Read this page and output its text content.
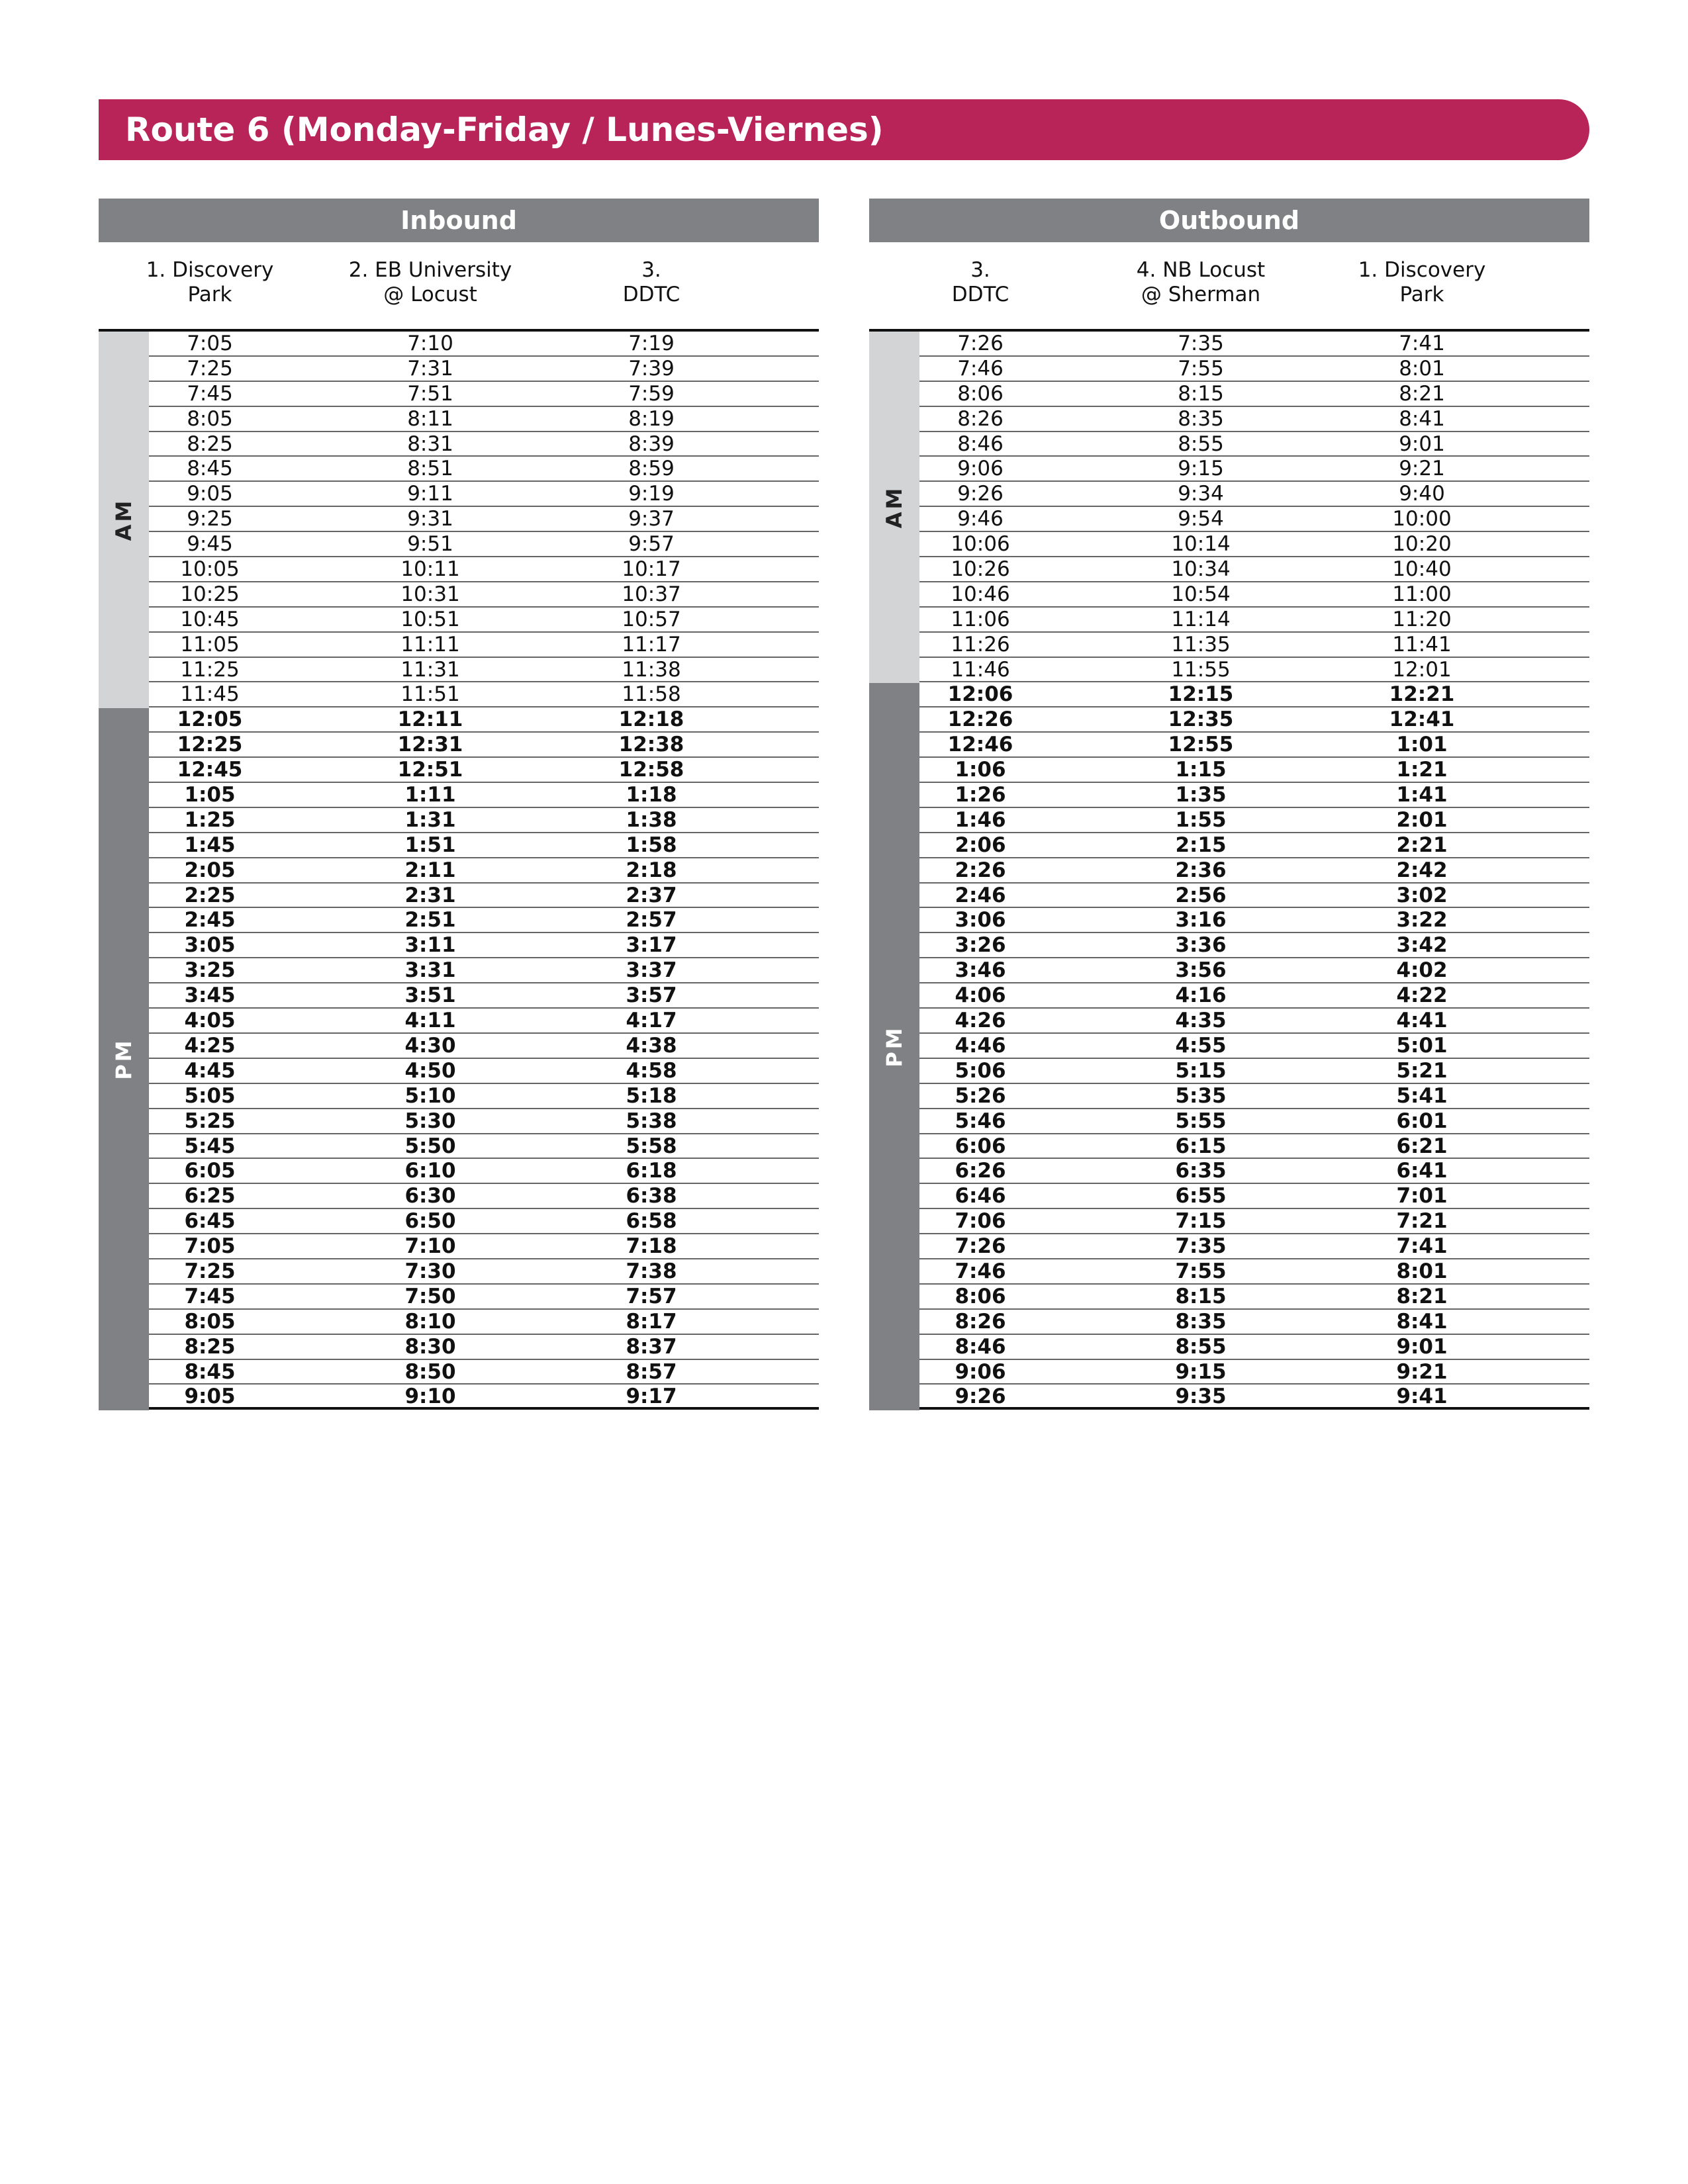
Route 6 (Monday-Friday / Lunes-Viernes)
Inbound
1. Discovery
Park
2. EB University
@ Locust
3.
DDTC
AM
PM
7:05	7:10	7:19
7:25	7:31	7:39
7:45	7:51	7:59
8:05	8:11	8:19
8:25	8:31	8:39
8:45	8:51	8:59
9:05	9:11	9:19
9:25	9:31	9:37
9:45	9:51	9:57
10:05	10:11	10:17
10:25	10:31	10:37
10:45	10:51	10:57
11:05	11:11	11:17
11:25	11:31	11:38
11:45	11:51	11:58
12:05	12:11	12:18
12:25	12:31	12:38
12:45	12:51	12:58
1:05	1:11	1:18
1:25	1:31	1:38
1:45	1:51	1:58
2:05	2:11	2:18
2:25	2:31	2:37
2:45	2:51	2:57
3:05	3:11	3:17
3:25	3:31	3:37
3:45	3:51	3:57
4:05	4:11	4:17
4:25	4:30	4:38
4:45	4:50	4:58
5:05	5:10	5:18
5:25	5:30	5:38
5:45	5:50	5:58
6:05	6:10	6:18
6:25	6:30	6:38
6:45	6:50	6:58
7:05	7:10	7:18
7:25	7:30	7:38
7:45	7:50	7:57
8:05	8:10	8:17
8:25	8:30	8:37
8:45	8:50	8:57
9:05	9:10	9:17
Outbound
3.
DDTC
4. NB Locust
@ Sherman
1. Discovery
Park
AM
PM
7:26	7:35	7:41
7:46	7:55	8:01
8:06	8:15	8:21
8:26	8:35	8:41
8:46	8:55	9:01
9:06	9:15	9:21
9:26	9:34	9:40
9:46	9:54	10:00
10:06	10:14	10:20
10:26	10:34	10:40
10:46	10:54	11:00
11:06	11:14	11:20
11:26	11:35	11:41
11:46	11:55	12:01
12:06	12:15	12:21
12:26	12:35	12:41
12:46	12:55	1:01
1:06	1:15	1:21
1:26	1:35	1:41
1:46	1:55	2:01
2:06	2:15	2:21
2:26	2:36	2:42
2:46	2:56	3:02
3:06	3:16	3:22
3:26	3:36	3:42
3:46	3:56	4:02
4:06	4:16	4:22
4:26	4:35	4:41
4:46	4:55	5:01
5:06	5:15	5:21
5:26	5:35	5:41
5:46	5:55	6:01
6:06	6:15	6:21
6:26	6:35	6:41
6:46	6:55	7:01
7:06	7:15	7:21
7:26	7:35	7:41
7:46	7:55	8:01
8:06	8:15	8:21
8:26	8:35	8:41
8:46	8:55	9:01
9:06	9:15	9:21
9:26	9:35	9:41
